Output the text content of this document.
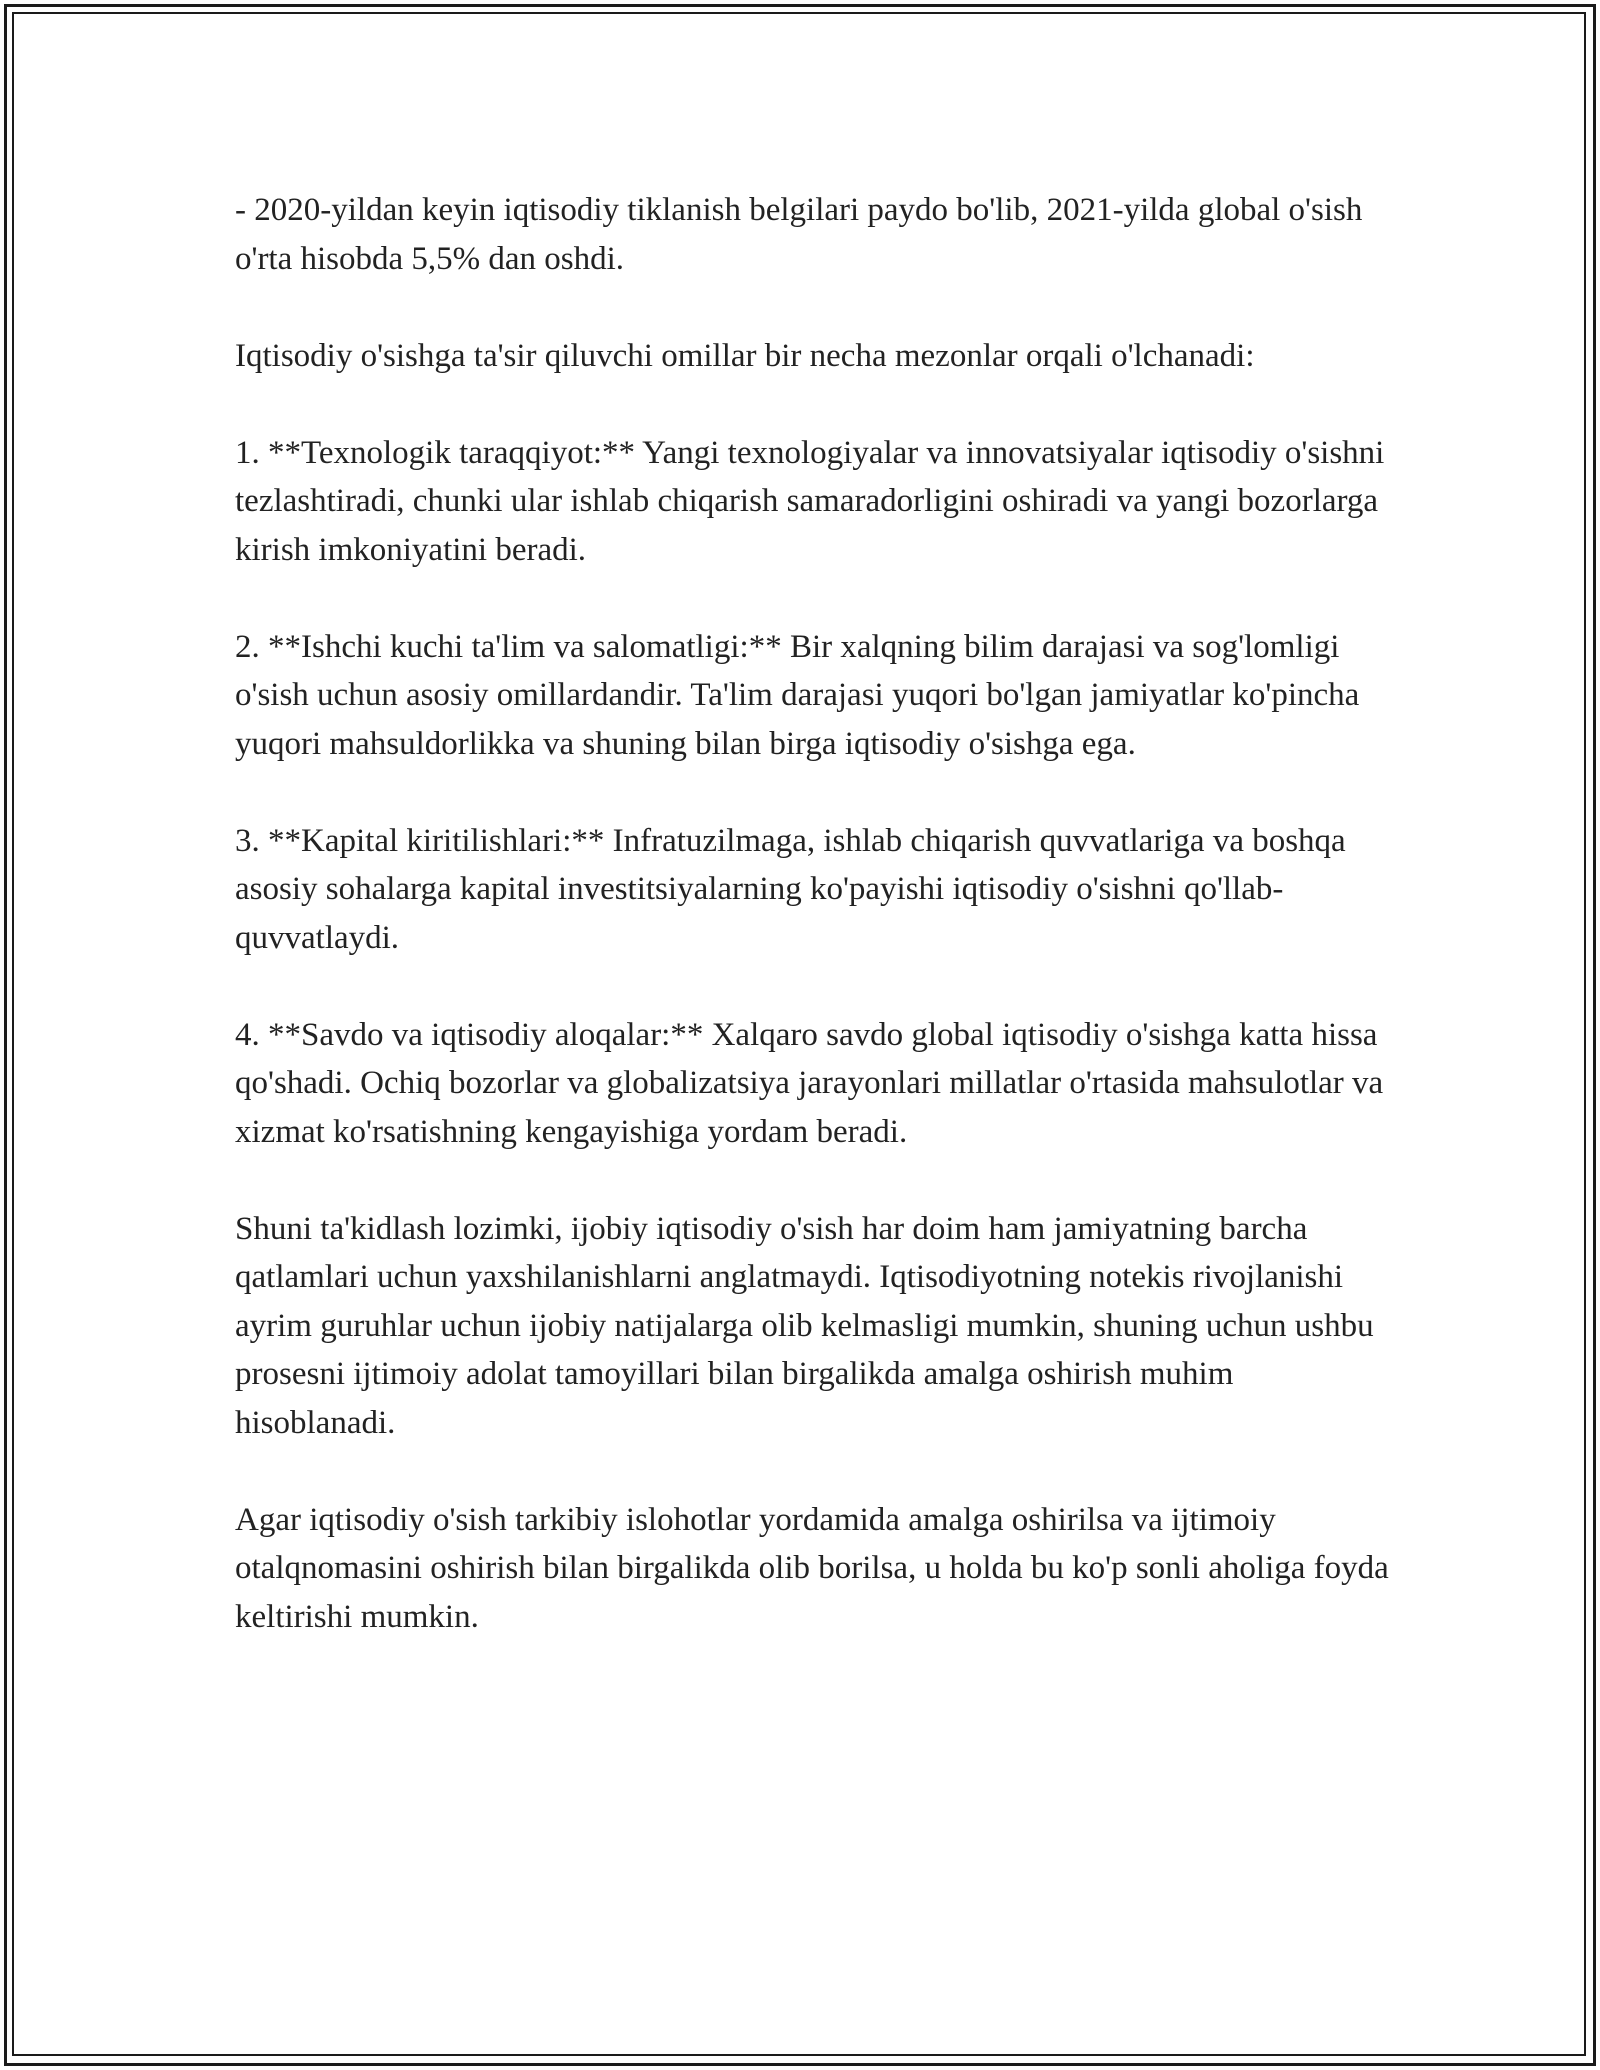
- 2020-yildan keyin iqtisodiy tiklanish belgilari paydo bo'lib, 2021-yilda global o'sish o'rta hisobda 5,5% dan oshdi.

Iqtisodiy o'sishga ta'sir qiluvchi omillar bir necha mezonlar orqali o'lchanadi:

1. **Texnologik taraqqiyot:** Yangi texnologiyalar va innovatsiyalar iqtisodiy o'sishni tezlashtiradi, chunki ular ishlab chiqarish samaradorligini oshiradi va yangi bozorlarga kirish imkoniyatini beradi.

2. **Ishchi kuchi ta'lim va salomatligi:** Bir xalqning bilim darajasi va sog'lomligi o'sish uchun asosiy omillardandir. Ta'lim darajasi yuqori bo'lgan jamiyatlar ko'pincha yuqori mahsuldorlikka va shuning bilan birga iqtisodiy o'sishga ega.

3. **Kapital kiritilishlari:** Infratuzilmaga, ishlab chiqarish quvvatlariga va boshqa asosiy sohalarga kapital investitsiyalarning ko'payishi iqtisodiy o'sishni qo'llab-quvvatlaydi.

4. **Savdo va iqtisodiy aloqalar:** Xalqaro savdo global iqtisodiy o'sishga katta hissa qo'shadi. Ochiq bozorlar va globalizatsiya jarayonlari millatlar o'rtasida mahsulotlar va xizmat ko'rsatishning kengayishiga yordam beradi.

Shuni ta'kidlash lozimki, ijobiy iqtisodiy o'sish har doim ham jamiyatning barcha qatlamlari uchun yaxshilanishlarni anglatmaydi. Iqtisodiyotning notekis rivojlanishi ayrim guruhlar uchun ijobiy natijalarga olib kelmasligi mumkin, shuning uchun ushbu prosesni ijtimoiy adolat tamoyillari bilan birgalikda amalga oshirish muhim hisoblanadi.

Agar iqtisodiy o'sish tarkibiy islohotlar yordamida amalga oshirilsa va ijtimoiy otalqnomasini oshirish bilan birgalikda olib borilsa, u holda bu ko'p sonli aholiga foyda keltirishi mumkin.
